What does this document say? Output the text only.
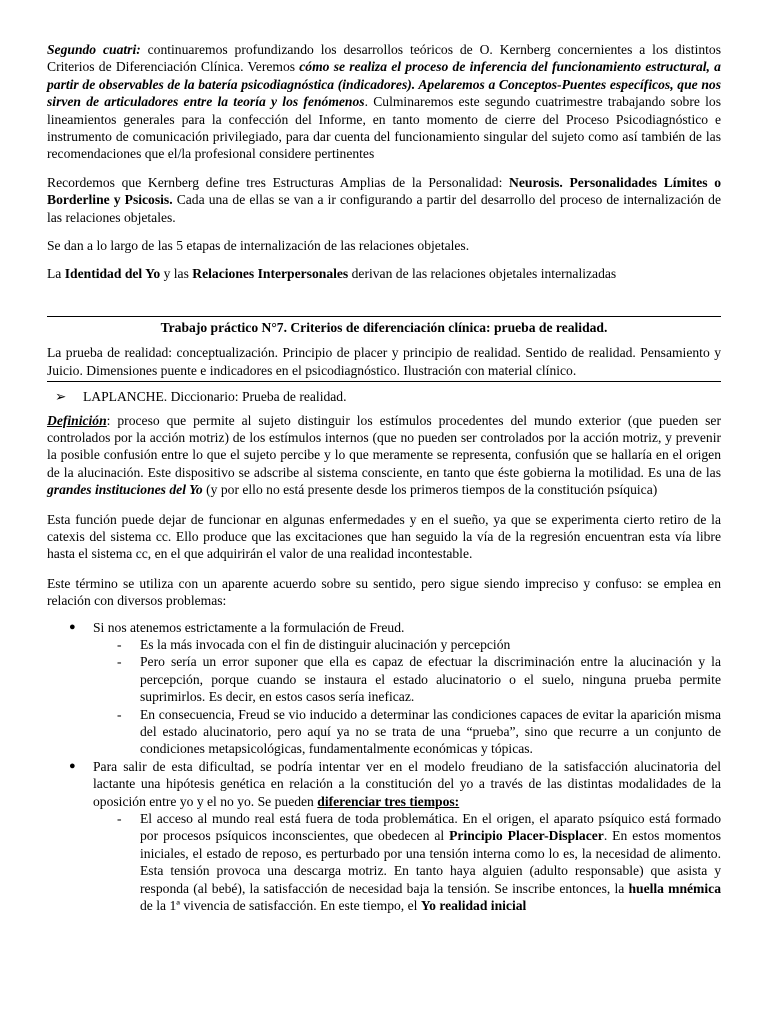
Segundo cuatri: continuaremos profundizando los desarrollos teóricos de O. Kernberg concernientes a los distintos Criterios de Diferenciación Clínica. Veremos cómo se realiza el proceso de inferencia del funcionamiento estructural, a partir de observables de la batería psicodiagnóstica (indicadores). Apelaremos a Conceptos-Puentes específicos, que nos sirven de articuladores entre la teoría y los fenómenos. Culminaremos este segundo cuatrimestre trabajando sobre los lineamientos generales para la confección del Informe, en tanto momento de cierre del Proceso Psicodiagnóstico e instrumento de comunicación privilegiado, para dar cuenta del funcionamiento singular del sujeto como así también de las recomendaciones que el/la profesional considere pertinentes

Recordemos que Kernberg define tres Estructuras Amplias de la Personalidad: Neurosis. Personalidades Límites o Borderline y Psicosis. Cada una de ellas se van a ir configurando a partir del desarrollo del proceso de internalización de las relaciones objetales.

Se dan a lo largo de las 5 etapas de internalización de las relaciones objetales.

La Identidad del Yo y las Relaciones Interpersonales derivan de las relaciones objetales internalizadas

Trabajo práctico N°7. Criterios de diferenciación clínica: prueba de realidad.

La prueba de realidad: conceptualización. Principio de placer y principio de realidad. Sentido de realidad. Pensamiento y Juicio. Dimensiones puente e indicadores en el psicodiagnóstico. Ilustración con material clínico.

➢	LAPLANCHE. Diccionario: Prueba de realidad.

Definición: proceso que permite al sujeto distinguir los estímulos procedentes del mundo exterior (que pueden ser controlados por la acción motriz) de los estímulos internos (que no pueden ser controlados por la acción motriz, y prevenir la posible confusión entre lo que el sujeto percibe y lo que meramente se representa, confusión que se hallaría en el origen de la alucinación. Este dispositivo se adscribe al sistema consciente, en tanto que éste gobierna la motilidad. Es una de las grandes instituciones del Yo (y por ello no está presente desde los primeros tiempos de la constitución psíquica)

Esta función puede dejar de funcionar en algunas enfermedades y en el sueño, ya que se experimenta cierto retiro de la catexis del sistema cc. Ello produce que las excitaciones que han seguido la vía de la regresión encuentran esta vía libre hasta el sistema cc, en el que adquirirán el valor de una realidad incontestable.

Este término se utiliza con un aparente acuerdo sobre su sentido, pero sigue siendo impreciso y confuso: se emplea en relación con diversos problemas:

● Si nos atenemos estrictamente a la formulación de Freud.
- Es la más invocada con el fin de distinguir alucinación y percepción
- Pero sería un error suponer que ella es capaz de efectuar la discriminación entre la alucinación y la percepción, porque cuando se instaura el estado alucinatorio o el suelo, ninguna prueba permite suprimirlos. Es decir, en estos casos sería ineficaz.
- En consecuencia, Freud se vio inducido a determinar las condiciones capaces de evitar la aparición misma del estado alucinatorio, pero aquí ya no se trata de una “prueba”, sino que recurre a un conjunto de condiciones metapsicológicas, fundamentalmente económicas y tópicas.
● Para salir de esta dificultad, se podría intentar ver en el modelo freudiano de la satisfacción alucinatoria del lactante una hipótesis genética en relación a la constitución del yo a través de las distintas modalidades de la oposición entre yo y el no yo. Se pueden diferenciar tres tiempos:
- El acceso al mundo real está fuera de toda problemática. En el origen, el aparato psíquico está formado por procesos psíquicos inconscientes, que obedecen al Principio Placer-Displacer. En estos momentos iniciales, el estado de reposo, es perturbado por una tensión interna como lo es, la necesidad de alimento. Esta tensión provoca una descarga motriz. En tanto haya alguien (adulto responsable) que asista y responda (al bebé), la satisfacción de necesidad baja la tensión. Se inscribe entonces, la huella mnémica de la 1ª vivencia de satisfacción. En este tiempo, el Yo realidad inicial
